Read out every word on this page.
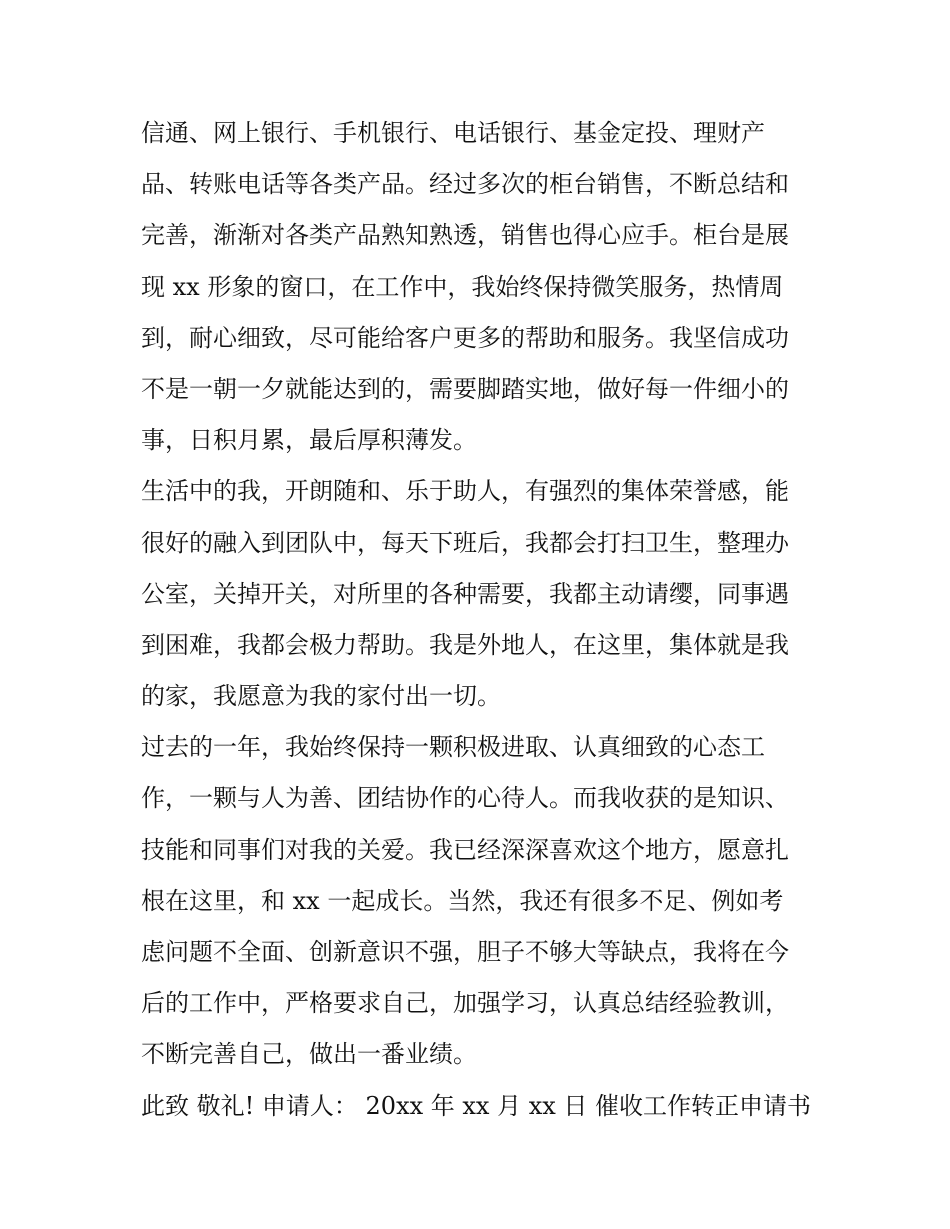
信通、网上银行、手机银行、电话银行、基金定投、理财产
品、转账电话等各类产品。经过多次的柜台销售，不断总结和
完善，渐渐对各类产品熟知熟透，销售也得心应手。柜台是展
现 xx 形象的窗口，在工作中，我始终保持微笑服务，热情周
到，耐心细致，尽可能给客户更多的帮助和服务。我坚信成功
不是一朝一夕就能达到的，需要脚踏实地，做好每一件细小的
事，日积月累，最后厚积薄发。
生活中的我，开朗随和、乐于助人，有强烈的集体荣誉感，能
很好的融入到团队中，每天下班后，我都会打扫卫生，整理办
公室，关掉开关，对所里的各种需要，我都主动请缨，同事遇
到困难，我都会极力帮助。我是外地人，在这里，集体就是我
的家，我愿意为我的家付出一切。
过去的一年，我始终保持一颗积极进取、认真细致的心态工
作，一颗与人为善、团结协作的心待人。而我收获的是知识、
技能和同事们对我的关爱。我已经深深喜欢这个地方，愿意扎
根在这里，和 xx 一起成长。当然，我还有很多不足、例如考
虑问题不全面、创新意识不强，胆子不够大等缺点，我将在今
后的工作中，严格要求自己，加强学习，认真总结经验教训，
不断完善自己，做出一番业绩。
此致 敬礼! 申请人： 20xx 年 xx 月 xx 日 催收工作转正申请书
